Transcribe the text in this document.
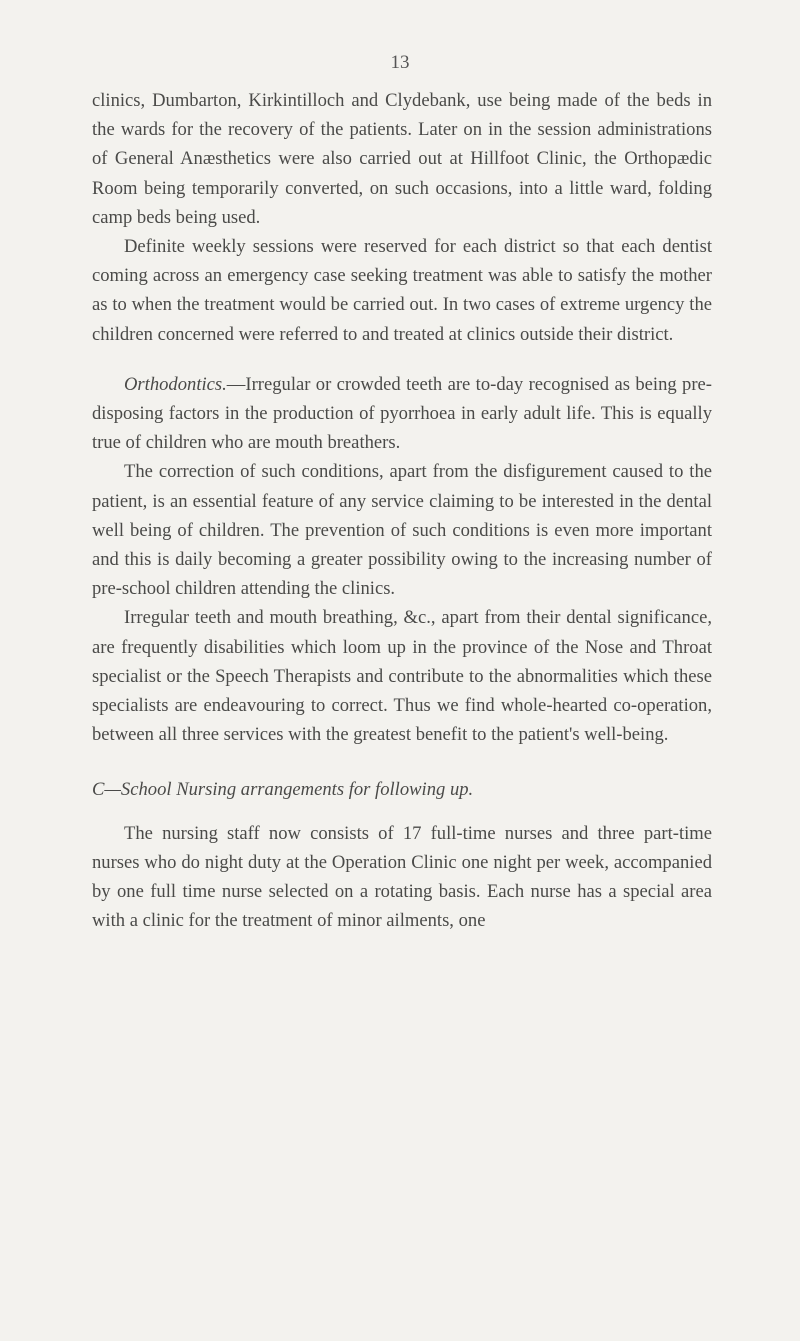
13

clinics, Dumbarton, Kirkintilloch and Clydebank, use being made of the beds in the wards for the recovery of the patients. Later on in the session administrations of General Anæsthetics were also carried out at Hillfoot Clinic, the Orthopædic Room being temporarily converted, on such occasions, into a little ward, folding camp beds being used.

Definite weekly sessions were reserved for each district so that each dentist coming across an emergency case seeking treatment was able to satisfy the mother as to when the treatment would be carried out. In two cases of extreme urgency the children concerned were referred to and treated at clinics outside their district.

Orthodontics.—Irregular or crowded teeth are to-day recognised as being pre-disposing factors in the production of pyorrhoea in early adult life. This is equally true of children who are mouth breathers.

The correction of such conditions, apart from the disfigurement caused to the patient, is an essential feature of any service claiming to be interested in the dental well being of children. The prevention of such conditions is even more important and this is daily becoming a greater possibility owing to the increasing number of pre-school children attending the clinics.

Irregular teeth and mouth breathing, &c., apart from their dental significance, are frequently disabilities which loom up in the province of the Nose and Throat specialist or the Speech Therapists and contribute to the abnormalities which these specialists are endeavouring to correct. Thus we find whole-hearted co-operation, between all three services with the greatest benefit to the patient's well-being.

C—School Nursing arrangements for following up.

The nursing staff now consists of 17 full-time nurses and three part-time nurses who do night duty at the Operation Clinic one night per week, accompanied by one full time nurse selected on a rotating basis. Each nurse has a special area with a clinic for the treatment of minor ailments, one
